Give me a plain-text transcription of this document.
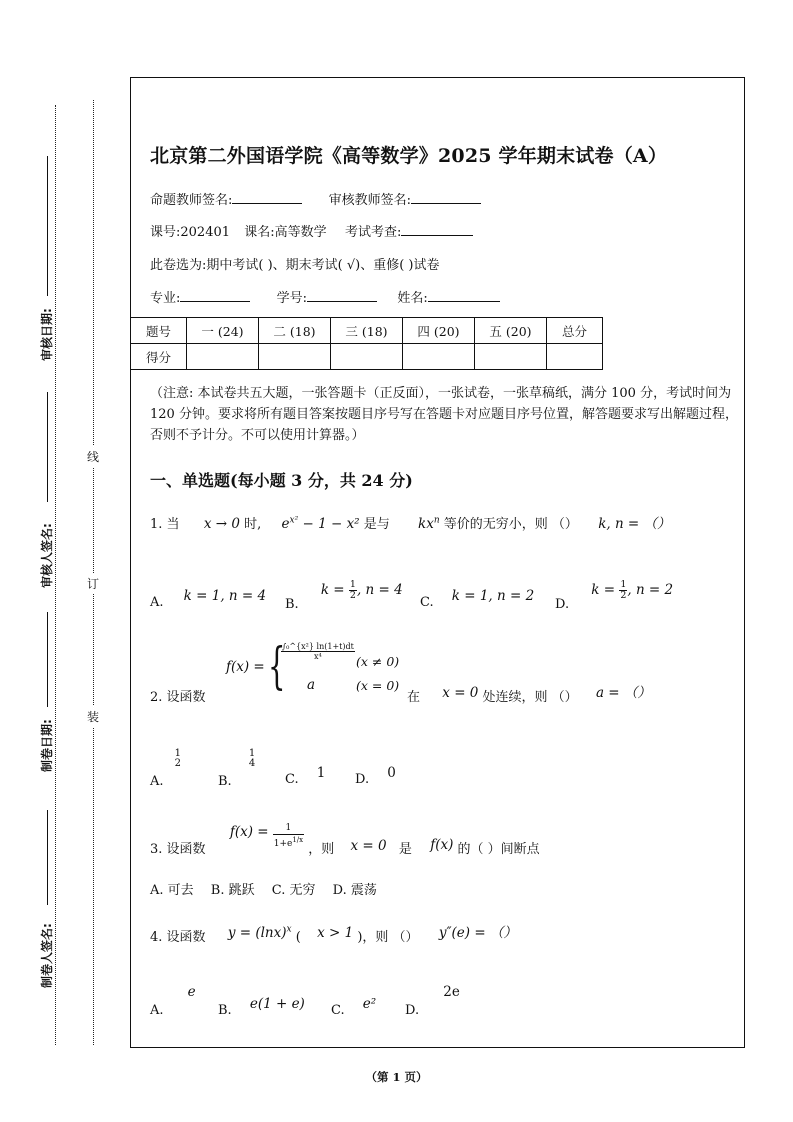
审核日期:
审核人签名:
制卷日期:
制卷人签名:
线
订
装
北京第二外国语学院《高等数学》2025 学年期末试卷（A）
命题教师签名:	审核教师签名:
课号:202401 课名:高等数学 考试考查:
此卷选为:期中考试( )、期末考试( √)、重修( )试卷
专业:	学号:	姓名:
题号	一 (24)	二 (18)	三 (18)	四 (20)	五 (20)	总分
得分						
（注意: 本试卷共五大题，一张答题卡（正反面），一张试卷，一张草稿纸，满分 100 分，考试时间为 120 分钟。要求将所有题目答案按题目序号写在答题卡对应题目序号位置，解答题要求写出解题过程，否则不予计分。不可以使用计算器。）
一、单选题(每小题 3 分，共 24 分)
1. 当 x → 0 时, $e^{x^2} - 1 - x^2$ 是与 $kx^n$ 等价的无穷小，则 （） k, n = （）
A. k = 1, n = 4
B. $k = \frac{1}{2}$ , n = 4
C. k = 1, n = 2
D. $k = \frac{1}{2}$ , n = 2
2. 设函数
f(x) = {
$\frac{\text{∫₀\textasciicircum{}\{x²\} ln(1+t)dt}}{\text{x⁴}}$
(x ≠ 0)
a	(x = 0)
在 x = 0 处连续，则 （） a = （）
A.
1
2
B.
1
4
C. 1 D. 0
3. 设函数  $f(x) = \frac{1}{1+e^{1/x}}$ ，则 x = 0 是 f(x) 的（ ）间断点
A. 可去　 B. 跳跃　 C. 无穷　 D. 震荡
4. 设函数 $y = (\ln x)^x$ ( x > 1 )，则 （） y″(e) = （）
A. e
B. e(1 + e) C. e² D. 2e
（第 1 页）
